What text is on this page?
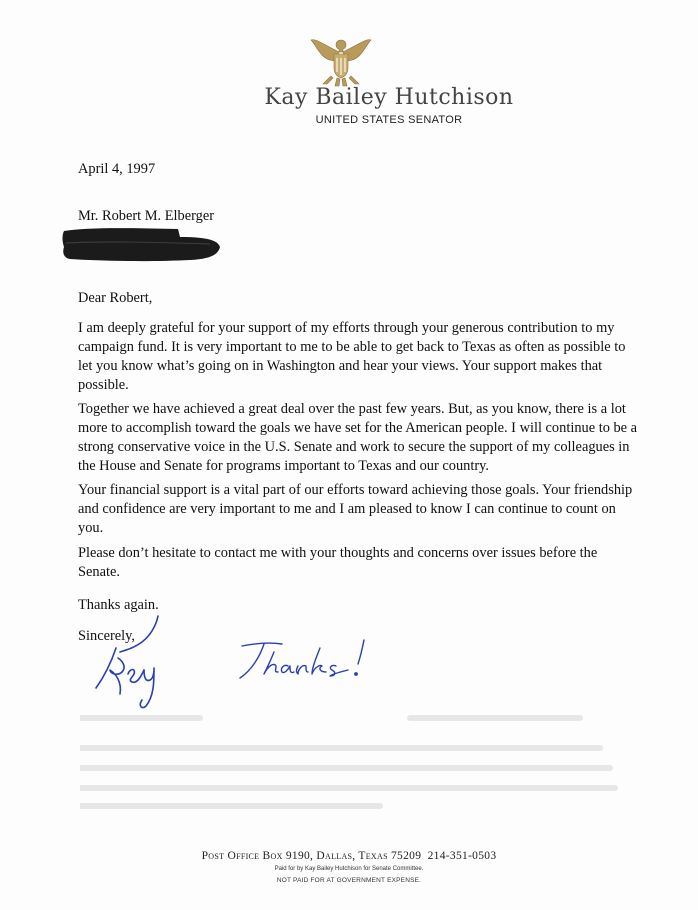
Kay Bailey Hutchison
UNITED STATES SENATOR
April 4, 1997
Mr. Robert M. Elberger
Dear Robert,

I am deeply grateful for your support of my efforts through your generous contribution to my campaign fund. It is very important to me to be able to get back to Texas as often as possible to let you know what’s going on in Washington and hear your views. Your support makes that possible.

Together we have achieved a great deal over the past few years. But, as you know, there is a lot more to accomplish toward the goals we have set for the American people. I will continue to be a strong conservative voice in the U.S. Senate and work to secure the support of my colleagues in the House and Senate for programs important to Texas and our country.

Your financial support is a vital part of our efforts toward achieving those goals. Your friendship and confidence are very important to me and I am pleased to know I can continue to count on you.

Please don’t hesitate to contact me with your thoughts and concerns over issues before the Senate.

Thanks again.
Sincerely,
Post Office Box 9190, Dallas, Texas 75209 214-351-0503
Paid for by Kay Bailey Hutchison for Senate Committee.
NOT PAID FOR AT GOVERNMENT EXPENSE.
